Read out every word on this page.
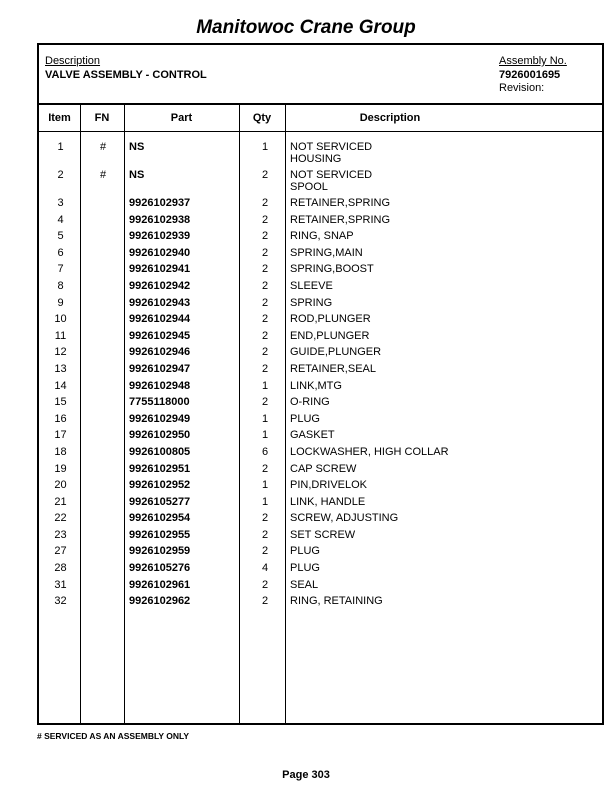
Manitowoc Crane Group
Description
VALVE ASSEMBLY - CONTROL
Assembly No.
7926001695
Revision:
Item	FN	Part	Qty	Description
1	#	NS	1	NOT SERVICED
HOUSING
2	#	NS	2	NOT SERVICED
SPOOL
3	9926102937	2	RETAINER,SPRING
4	9926102938	2	RETAINER,SPRING
5	9926102939	2	RING, SNAP
6	9926102940	2	SPRING,MAIN
7	9926102941	2	SPRING,BOOST
8	9926102942	2	SLEEVE
9	9926102943	2	SPRING
10	9926102944	2	ROD,PLUNGER
11	9926102945	2	END,PLUNGER
12	9926102946	2	GUIDE,PLUNGER
13	9926102947	2	RETAINER,SEAL
14	9926102948	1	LINK,MTG
15	7755118000	2	O-RING
16	9926102949	1	PLUG
17	9926102950	1	GASKET
18	9926100805	6	LOCKWASHER, HIGH COLLAR
19	9926102951	2	CAP SCREW
20	9926102952	1	PIN,DRIVELOK
21	9926105277	1	LINK, HANDLE
22	9926102954	2	SCREW, ADJUSTING
23	9926102955	2	SET SCREW
27	9926102959	2	PLUG
28	9926105276	4	PLUG
31	9926102961	2	SEAL
32	9926102962	2	RING, RETAINING
# SERVICED AS AN ASSEMBLY ONLY
Page 303
